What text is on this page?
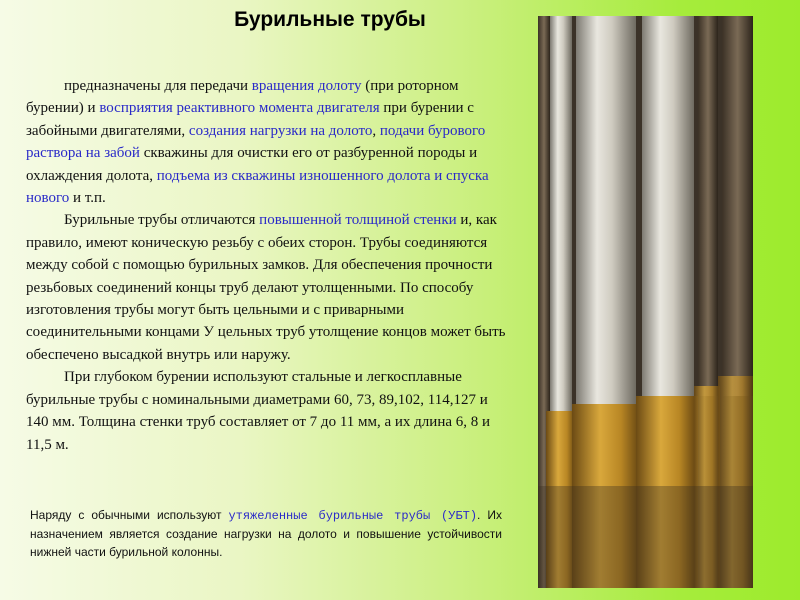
Бурильные трубы

предназначены для передачи вращения долоту (при роторном бурении) и восприятия реактивного момента двигателя при бурении с забойными двигателями, создания нагрузки на долото, подачи бурового раствора на забой скважины для очистки его от разбуренной породы и охлаждения долота, подъема из скважины изношенного долота и спуска нового и т.п.

Бурильные трубы отличаются повышенной толщиной стенки и, как правило, имеют коническую резьбу с обеих сторон. Трубы соединяются между собой с помощью бурильных замков. Для обеспечения прочности резьбовых соединений концы труб делают утолщенными. По способу изготовления трубы могут быть цельными и с приварными соединительными концами У цельных труб утолщение концов может быть обеспечено высадкой внутрь или наружу.

При глубоком бурении используют стальные и легкосплавные бурильные трубы с номинальными диаметрами 60, 73, 89,102, 114,127 и 140 мм. Толщина стенки труб составляет от 7 до 11 мм, а их длина 6, 8 и 11,5 м.

Наряду с обычными используют утяжеленные бурильные трубы (УБТ). Их назначением является создание нагрузки на долото и повышение устойчивости нижней части бурильной колонны.
